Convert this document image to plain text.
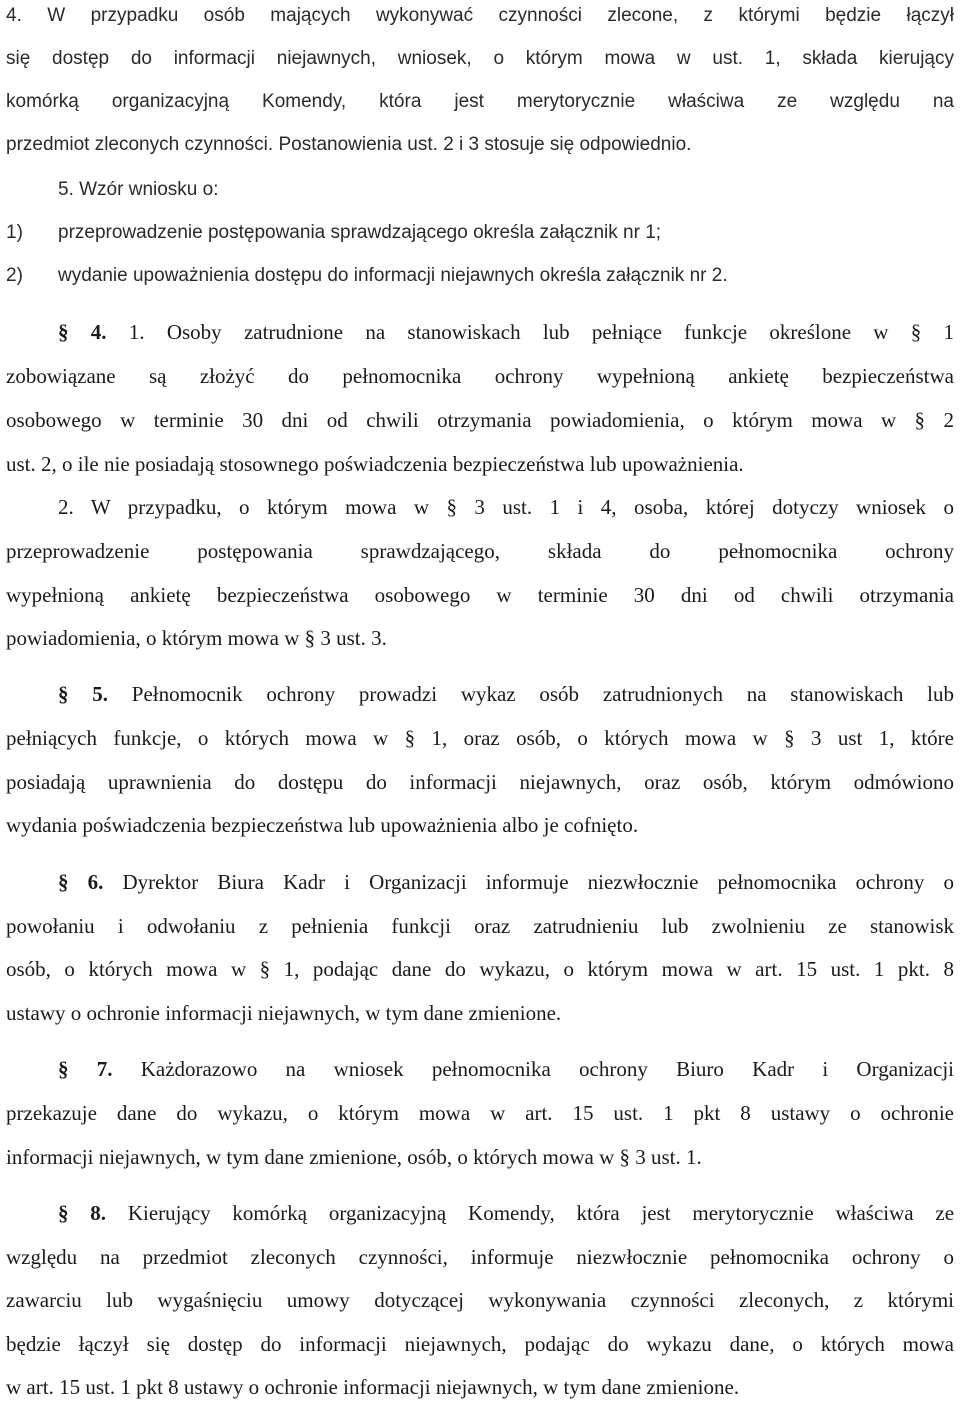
4. W przypadku osób mających wykonywać czynności zlecone, z którymi będzie łączył
się dostęp do informacji niejawnych, wniosek, o którym mowa w ust. 1, składa kierujący
komórką organizacyjną Komendy, która jest merytorycznie właściwa ze względu na
przedmiot zleconych czynności. Postanowienia ust. 2 i 3 stosuje się odpowiednio.
5. Wzór wniosku o:
1) przeprowadzenie postępowania sprawdzającego określa załącznik nr 1;
2) wydanie upoważnienia dostępu do informacji niejawnych określa załącznik nr 2.
§ 4. 1. Osoby zatrudnione na stanowiskach lub pełniące funkcje określone w § 1
zobowiązane są złożyć do pełnomocnika ochrony wypełnioną ankietę bezpieczeństwa
osobowego w terminie 30 dni od chwili otrzymania powiadomienia, o którym mowa w § 2
ust. 2, o ile nie posiadają stosownego poświadczenia bezpieczeństwa lub upoważnienia.
2. W przypadku, o którym mowa w § 3 ust. 1 i 4, osoba, której dotyczy wniosek o
przeprowadzenie postępowania sprawdzającego, składa do pełnomocnika ochrony
wypełnioną ankietę bezpieczeństwa osobowego w terminie 30 dni od chwili otrzymania
powiadomienia, o którym mowa w § 3 ust. 3.
§ 5. Pełnomocnik ochrony prowadzi wykaz osób zatrudnionych na stanowiskach lub
pełniących funkcje, o których mowa w § 1, oraz osób, o których mowa w § 3 ust 1, które
posiadają uprawnienia do dostępu do informacji niejawnych, oraz osób, którym odmówiono
wydania poświadczenia bezpieczeństwa lub upoważnienia albo je cofnięto.
§ 6. Dyrektor Biura Kadr i Organizacji informuje niezwłocznie pełnomocnika ochrony o
powołaniu i odwołaniu z pełnienia funkcji oraz zatrudnieniu lub zwolnieniu ze stanowisk
osób, o których mowa w § 1, podając dane do wykazu, o którym mowa w art. 15 ust. 1 pkt. 8
ustawy o ochronie informacji niejawnych, w tym dane zmienione.
§ 7. Każdorazowo na wniosek pełnomocnika ochrony Biuro Kadr i Organizacji
przekazuje dane do wykazu, o którym mowa w art. 15 ust. 1 pkt 8 ustawy o ochronie
informacji niejawnych, w tym dane zmienione, osób, o których mowa w § 3 ust. 1.
§ 8. Kierujący komórką organizacyjną Komendy, która jest merytorycznie właściwa ze
względu na przedmiot zleconych czynności, informuje niezwłocznie pełnomocnika ochrony o
zawarciu lub wygaśnięciu umowy dotyczącej wykonywania czynności zleconych, z którymi
będzie łączył się dostęp do informacji niejawnych, podając do wykazu dane, o których mowa
w art. 15 ust. 1 pkt 8 ustawy o ochronie informacji niejawnych, w tym dane zmienione.
